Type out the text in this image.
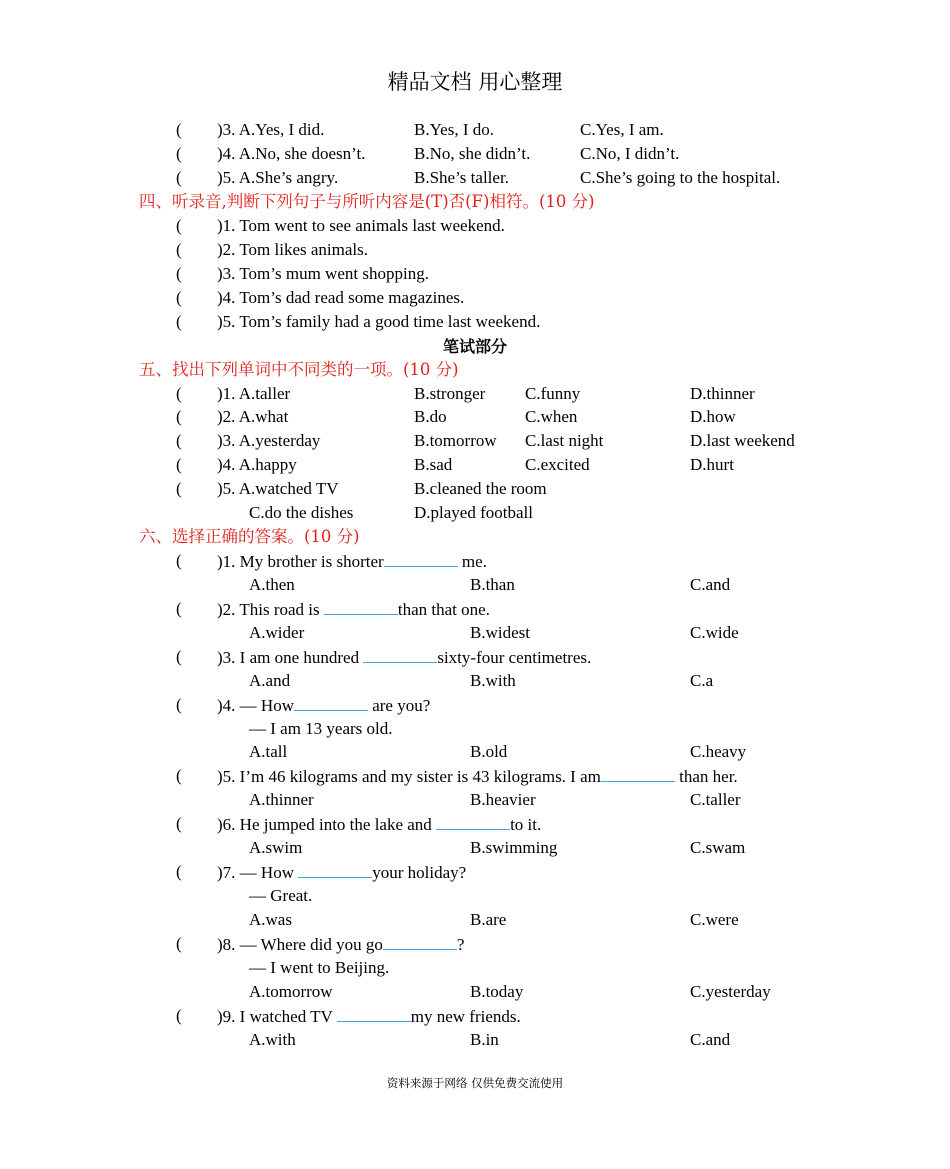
精品文档 用心整理
( )3. A.Yes, I did.	B.Yes, I do.	C.Yes, I am.
( )4. A.No, she doesn’t.	B.No, she didn’t.	C.No, I didn’t.
( )5. A.She’s angry.	B.She’s taller.	C.She’s going to the hospital.
四、听录音,判断下列句子与所听内容是(T)否(F)相符。(10 分)
( )1. Tom went to see animals last weekend.
( )2. Tom likes animals.
( )3. Tom’s mum went shopping.
( )4. Tom’s dad read some magazines.
( )5. Tom’s family had a good time last weekend.
笔试部分
五、找出下列单词中不同类的一项。(10 分)
( )1. A.taller	B.stronger C.funny	D.thinner
( )2. A.what	B.do	C.when	D.how
( )3. A.yesterday	B.tomorrow C.last night	D.last weekend
( )4. A.happy	B.sad	C.excited	D.hurt
( )5. A.watched TV	B.cleaned the room
C.do the dishes	D.played football
六、选择正确的答案。(10 分)
( )1. My brother is shorter	me.
A.then	B.than	C.and
( )2. This road is	than that one.
A.wider	B.widest	C.wide
( )3. I am one hundred	sixty-four centimetres.
A.and	B.with	C.a
( )4. — How	are you?
— I am 13 years old.
A.tall	B.old	C.heavy
( )5. I’m 46 kilograms and my sister is 43 kilograms. I am	than her.
A.thinner	B.heavier	C.taller
( )6. He jumped into the lake and	to it.
A.swim	B.swimming	C.swam
( )7. — How	your holiday?
— Great.
A.was	B.are	C.were
( )8. — Where did you go	?
— I went to Beijing.
A.tomorrow	B.today	C.yesterday
( )9. I watched TV	my new friends.
A.with	B.in	C.and
资料来源于网络 仅供免费交流使用
